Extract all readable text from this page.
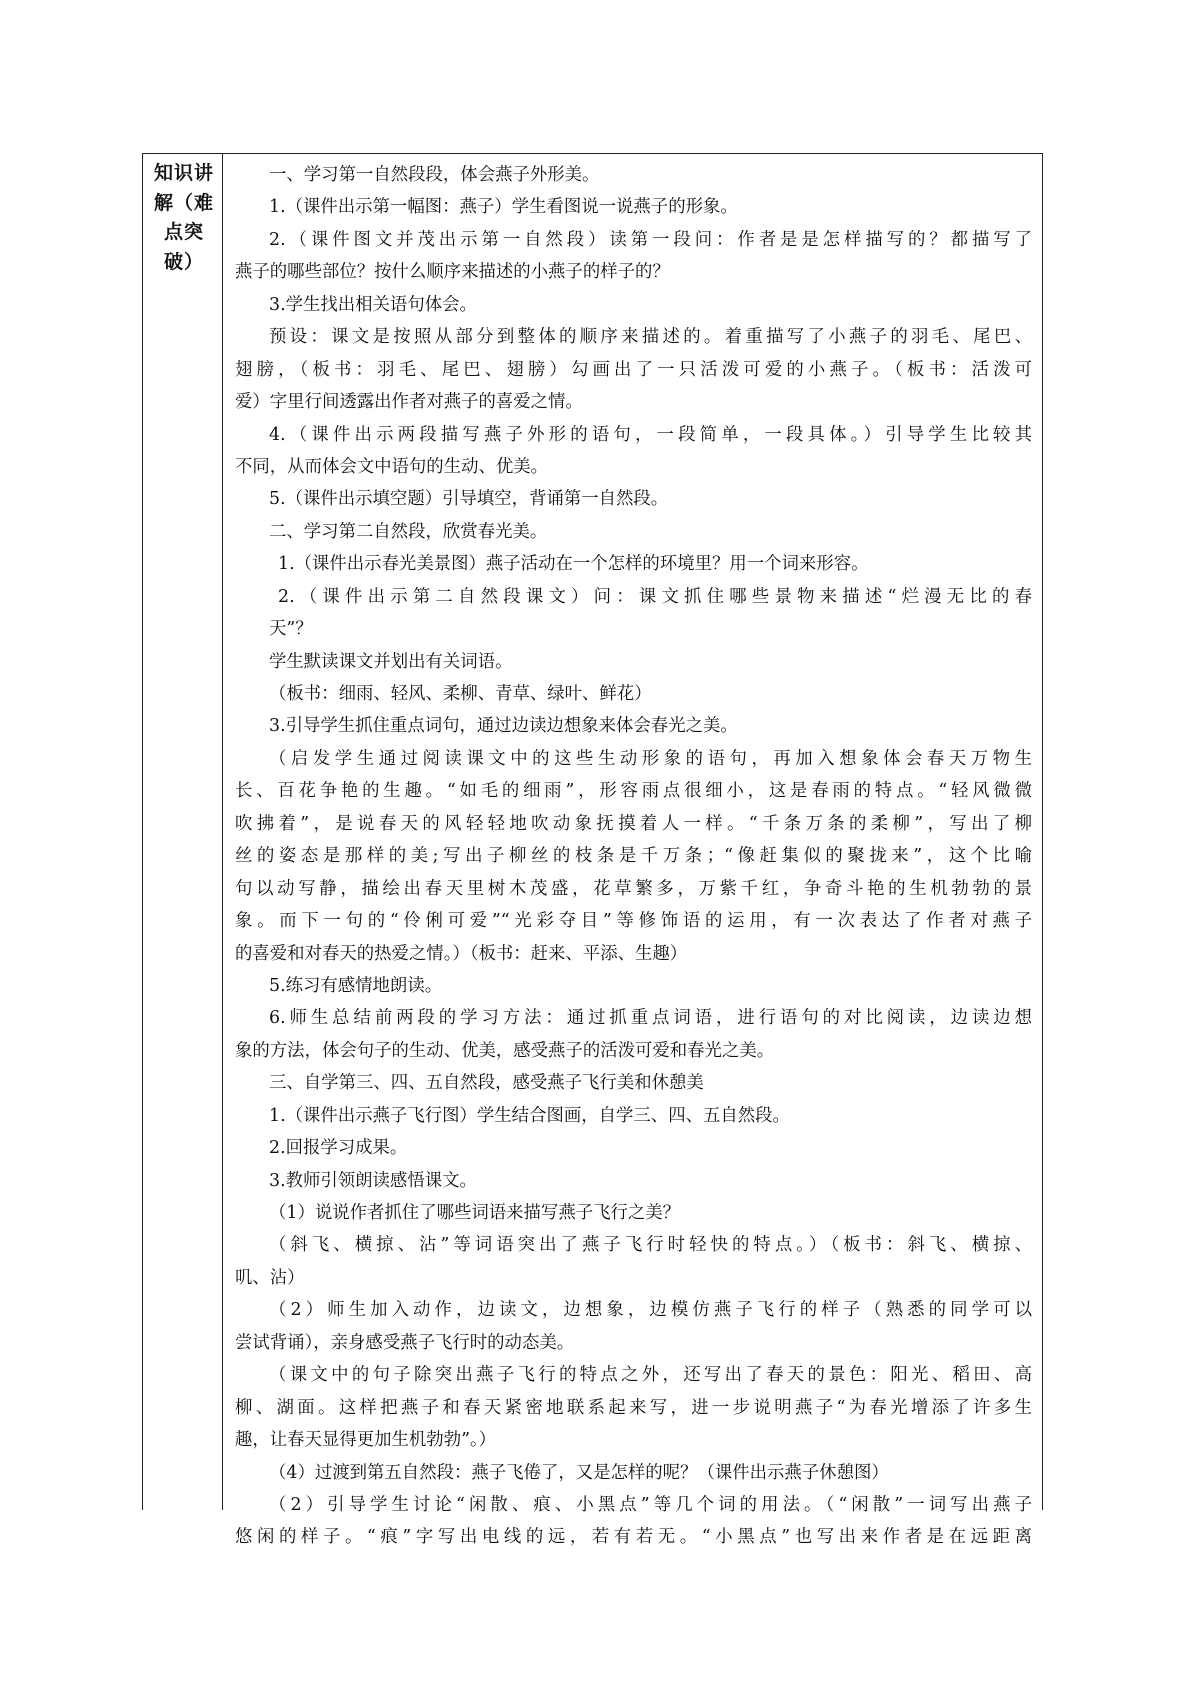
知识讲解（难点突破）
一、学习第一自然段段，体会燕子外形美。
1.（课件出示第一幅图：燕子）学生看图说一说燕子的形象。
2.（课件图文并茂出示第一自然段）读第一段问：作者是是怎样描写的？都描写了
燕子的哪些部位？按什么顺序来描述的小燕子的样子的？
3.学生找出相关语句体会。
预设：课文是按照从部分到整体的顺序来描述的。着重描写了小燕子的羽毛、尾巴、
翅膀，（板书：羽毛、尾巴、翅膀）勾画出了一只活泼可爱的小燕子。（板书：活泼可
爱）字里行间透露出作者对燕子的喜爱之情。
4.（课件出示两段描写燕子外形的语句，一段简单，一段具体。）引导学生比较其
不同，从而体会文中语句的生动、优美。
5.（课件出示填空题）引导填空，背诵第一自然段。
二、学习第二自然段，欣赏春光美。
1.（课件出示春光美景图）燕子活动在一个怎样的环境里？用一个词来形容。
2.（课件出示第二自然段课文）问：课文抓住哪些景物来描述“烂漫无比的春
天”？
学生默读课文并划出有关词语。
（板书：细雨、轻风、柔柳、青草、绿叶、鲜花）
3.引导学生抓住重点词句，通过边读边想象来体会春光之美。
（启发学生通过阅读课文中的这些生动形象的语句，再加入想象体会春天万物生
长、百花争艳的生趣。“如毛的细雨”，形容雨点很细小，这是春雨的特点。“轻风微微
吹拂着”，是说春天的风轻轻地吹动象抚摸着人一样。“千条万条的柔柳”，写出了柳
丝的姿态是那样的美;写出子柳丝的枝条是千万条；“像赶集似的聚拢来”，这个比喻
句以动写静，描绘出春天里树木茂盛，花草繁多，万紫千红，争奇斗艳的生机勃勃的景
象。而下一句的“伶俐可爱”“光彩夺目”等修饰语的运用，有一次表达了作者对燕子
的喜爱和对春天的热爱之情。）（板书：赶来、平添、生趣）
5.练习有感情地朗读。
6.师生总结前两段的学习方法：通过抓重点词语，进行语句的对比阅读，边读边想
象的方法，体会句子的生动、优美，感受燕子的活泼可爱和春光之美。
三、自学第三、四、五自然段，感受燕子飞行美和休憩美
1.（课件出示燕子飞行图）学生结合图画，自学三、四、五自然段。
2.回报学习成果。
3.教师引领朗读感悟课文。
（1）说说作者抓住了哪些词语来描写燕子飞行之美？
（斜飞、横掠、沾”等词语突出了燕子飞行时轻快的特点。）（板书：斜飞、横掠、
叽、沾）
（2）师生加入动作，边读文，边想象，边模仿燕子飞行的样子（熟悉的同学可以
尝试背诵），亲身感受燕子飞行时的动态美。
（课文中的句子除突出燕子飞行的特点之外，还写出了春天的景色：阳光、稻田、高
柳、湖面。这样把燕子和春天紧密地联系起来写，进一步说明燕子“为春光增添了许多生
趣，让春天显得更加生机勃勃”。）
（4）过渡到第五自然段：燕子飞倦了，又是怎样的呢？（课件出示燕子休憩图）
（2）引导学生讨论“闲散、痕、小黑点”等几个词的用法。（“闲散”一词写出燕子
悠闲的样子。“痕”字写出电线的远，若有若无。“小黑点”也写出来作者是在远距离
